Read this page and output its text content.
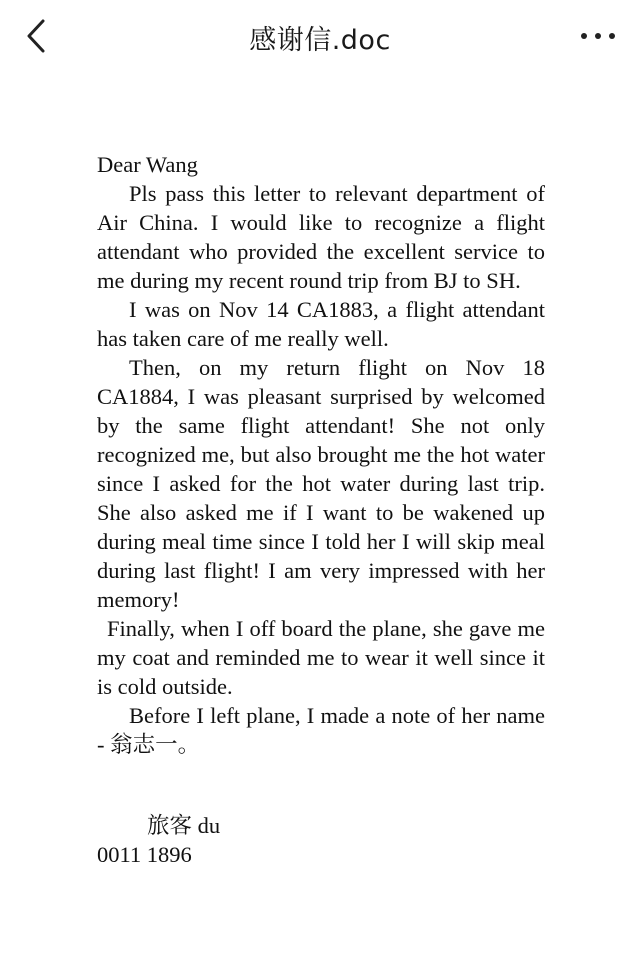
感谢信.doc

Dear Wang

Pls pass this letter to relevant department of Air China. I would like to recognize a flight attendant who provided the excellent service to me during my recent round trip from BJ to SH.

I was on Nov 14 CA1883, a flight attendant has taken care of me really well.

Then, on my return flight on Nov 18 CA1884, I was pleasant surprised by welcomed by the same flight attendant! She not only recognized me, but also brought me the hot water since I asked for the hot water during last trip. She also asked me if I want to be wakened up during meal time since I told her I will skip meal during last flight! I am very impressed with her memory!

Finally, when I off board the plane, she gave me my coat and reminded me to wear it well since it is cold outside.

Before I left plane, I made a note of her name - 翁志一。

旅客 du
0011 1896
